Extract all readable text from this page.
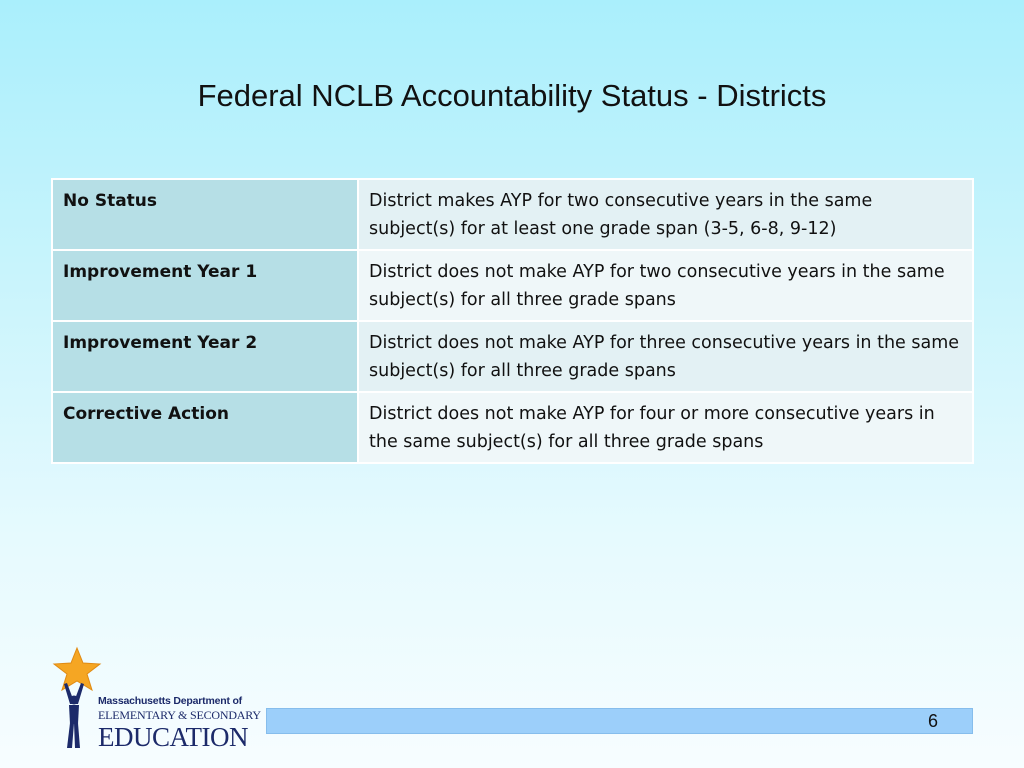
Federal NCLB Accountability Status - Districts
No Status	District makes AYP for two consecutive years in the same subject(s) for at least one grade span (3-5, 6-8, 9-12)
Improvement Year 1	District does not make AYP for two consecutive years in the same subject(s) for all three grade spans
Improvement Year 2	District does not make AYP for three consecutive years in the same subject(s) for all three grade spans
Corrective Action	District does not make AYP for four or more consecutive years in the same subject(s) for all three grade spans
Massachusetts Department of
ELEMENTARY & SECONDARY
EDUCATION
6
